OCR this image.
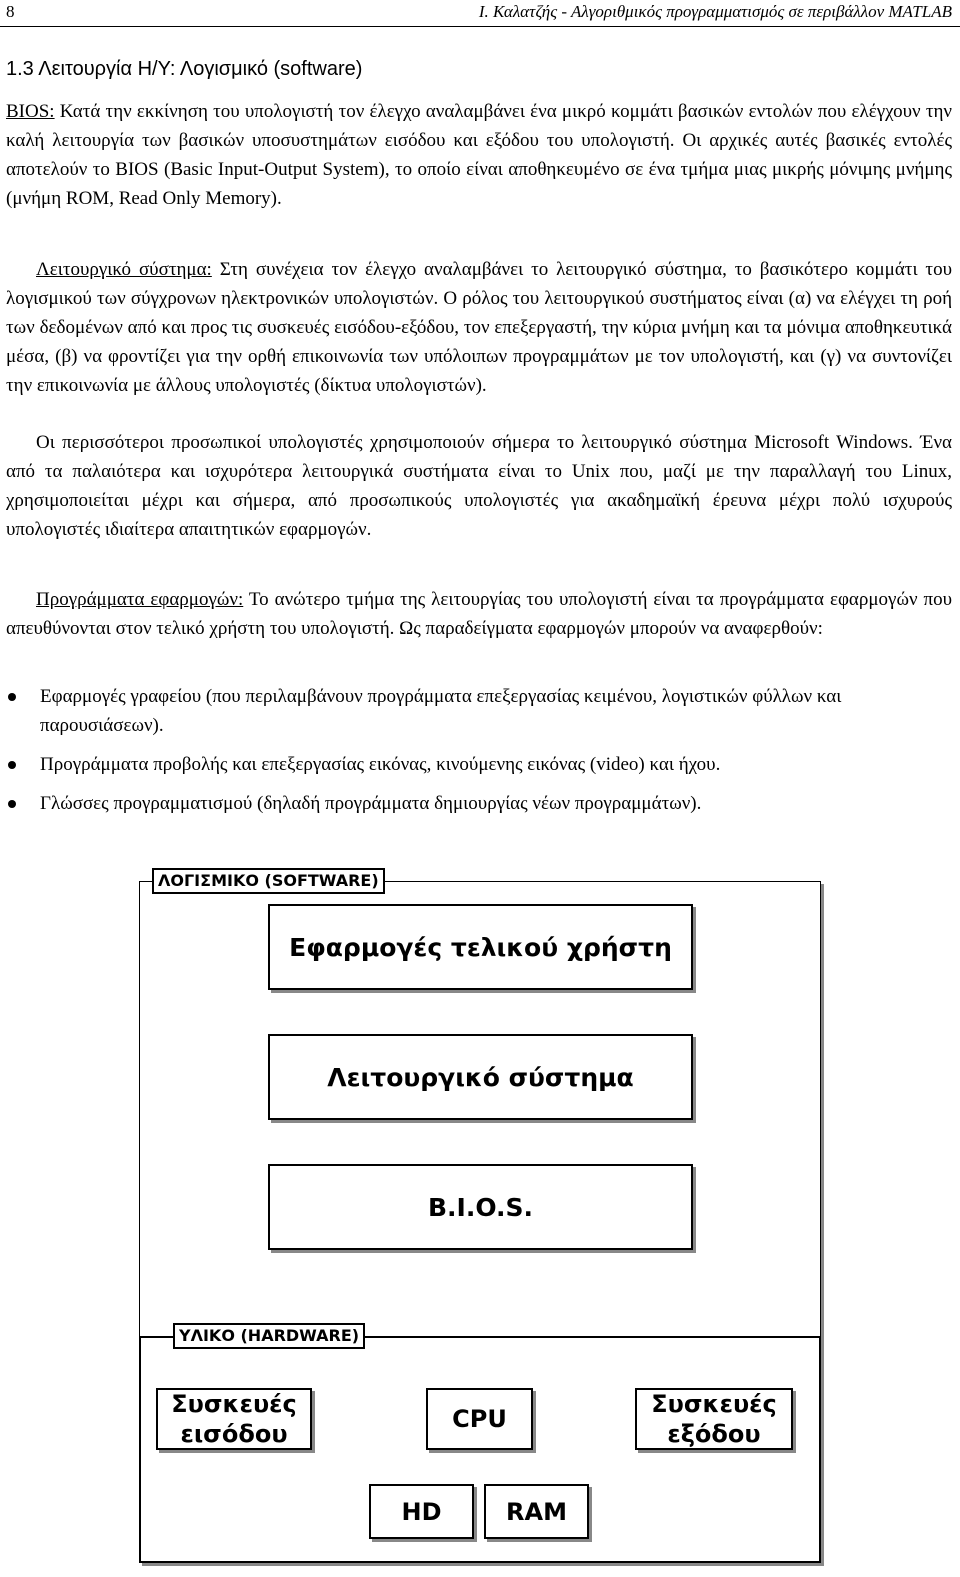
8	Ι. Καλατζής - Αλγοριθμικός προγραμματισμός σε περιβάλλον MATLAB
1.3 Λειτουργία Η/Υ: Λογισμικό (software)

BIOS: Κατά την εκκίνηση του υπολογιστή τον έλεγχο αναλαμβάνει ένα μικρό κομμάτι βασικών εντολών που ελέγχουν την καλή λειτουργία των βασικών υποσυστημάτων εισόδου και εξόδου του υπολογιστή. Οι αρχικές αυτές βασικές εντολές αποτελούν το BIOS (Basic Input-Output System), το οποίο είναι αποθηκευμένο σε ένα τμήμα μιας μικρής μόνιμης μνήμης (μνήμη ROM, Read Only Memory).

Λειτουργικό σύστημα: Στη συνέχεια τον έλεγχο αναλαμβάνει το λειτουργικό σύστημα, το βασικότερο κομμάτι του λογισμικού των σύγχρονων ηλεκτρονικών υπολογιστών. Ο ρόλος του λειτουργικού συστήματος είναι (α) να ελέγχει τη ροή των δεδομένων από και προς τις συσκευές εισόδου-εξόδου, τον επεξεργαστή, την κύρια μνήμη και τα μόνιμα αποθηκευτικά μέσα, (β) να φροντίζει για την ορθή επικοινωνία των υπόλοιπων προγραμμάτων με τον υπολογιστή, και (γ) να συντονίζει την επικοινωνία με άλλους υπολογιστές (δίκτυα υπολογιστών).

Οι περισσότεροι προσωπικοί υπολογιστές χρησιμοποιούν σήμερα το λειτουργικό σύστημα Microsoft Windows. Ένα από τα παλαιότερα και ισχυρότερα λειτουργικά συστήματα είναι το Unix που, μαζί με την παραλλαγή του Linux, χρησιμοποιείται μέχρι και σήμερα, από προσωπικούς υπολογιστές για ακαδημαϊκή έρευνα μέχρι πολύ ισχυρούς υπολογιστές ιδιαίτερα απαιτητικών εφαρμογών.

Προγράμματα εφαρμογών: Το ανώτερο τμήμα της λειτουργίας του υπολογιστή είναι τα προγράμματα εφαρμογών που απευθύνονται στον τελικό χρήστη του υπολογιστή. Ως παραδείγματα εφαρμογών μπορούν να αναφερθούν:

Εφαρμογές γραφείου (που περιλαμβάνουν προγράμματα επεξεργασίας κειμένου, λογιστικών φύλλων και παρουσιάσεων).
Προγράμματα προβολής και επεξεργασίας εικόνας, κινούμενης εικόνας (video) και ήχου.
Γλώσσες προγραμματισμού (δηλαδή προγράμματα δημιουργίας νέων προγραμμάτων).
ΛΟΓΙΣΜΙΚΟ (SOFTWARE)
Εφαρμογές τελικού χρήστη
Λειτουργικό σύστημα
B.I.O.S.
ΥΛΙΚΟ (HARDWARE)
Συσκευές εισόδου
CPU
Συσκευές εξόδου
HD	RAM
